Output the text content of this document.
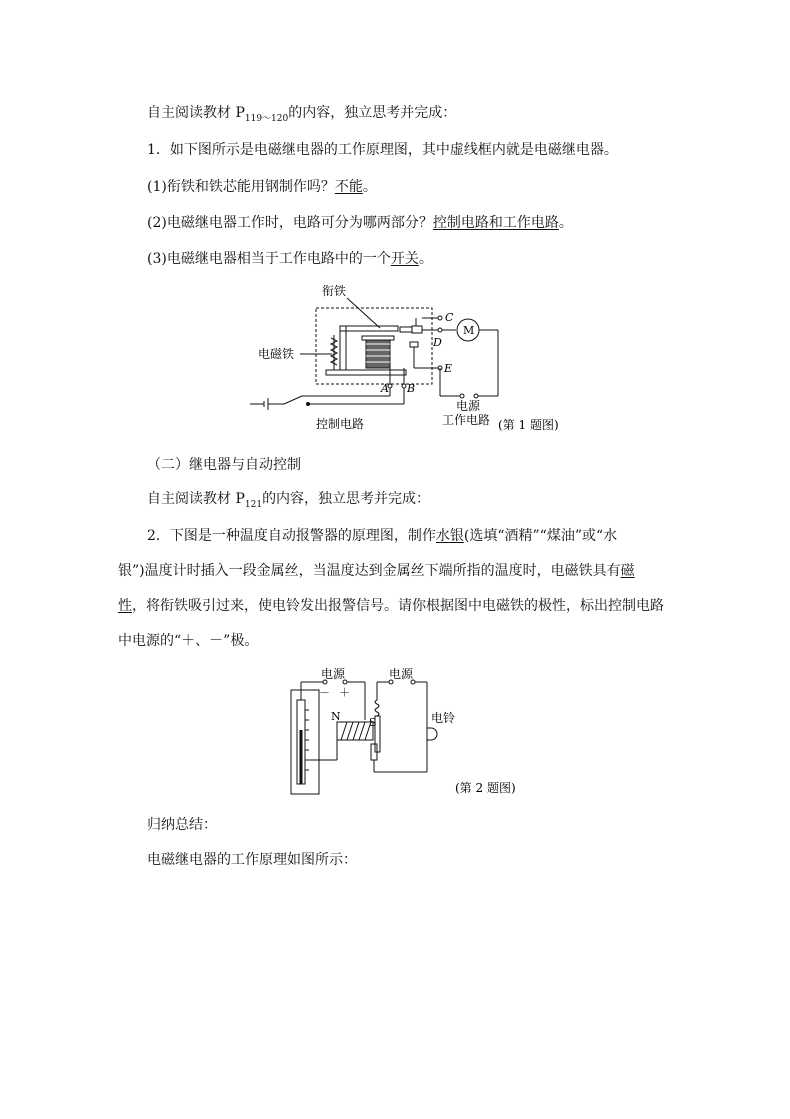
自主阅读教材 $P_{119\sim 120}$的内容，独立思考并完成：
1．如下图所示是电磁继电器的工作原理图，其中虚线框内就是电磁继电器。
(1)衔铁和铁芯能用钢制作吗？不能。
(2)电磁继电器工作时，电路可分为哪两部分？控制电路和工作电路。
(3)电磁继电器相当于工作电路中的一个开关。
衔铁
电磁铁
C
D
E
M
A B
电源
工作电路
控制电路	(第 1 题图)
（二）继电器与自动控制
自主阅读教材 $P_{121}$的内容，独立思考并完成：
2．下图是一种温度自动报警器的原理图，制作水银(选填“酒精”“煤油”或“水
银”)温度计时插入一段金属丝，当温度达到金属丝下端所指的温度时，电磁铁具有磁
性，将衔铁吸引过来，使电铃发出报警信号。请你根据图中电磁铁的极性，标出控制电路
中电源的“＋、－”极。
电源
－ ＋
电源
N	S	电铃
(第 2 题图)
归纳总结：
电磁继电器的工作原理如图所示：
